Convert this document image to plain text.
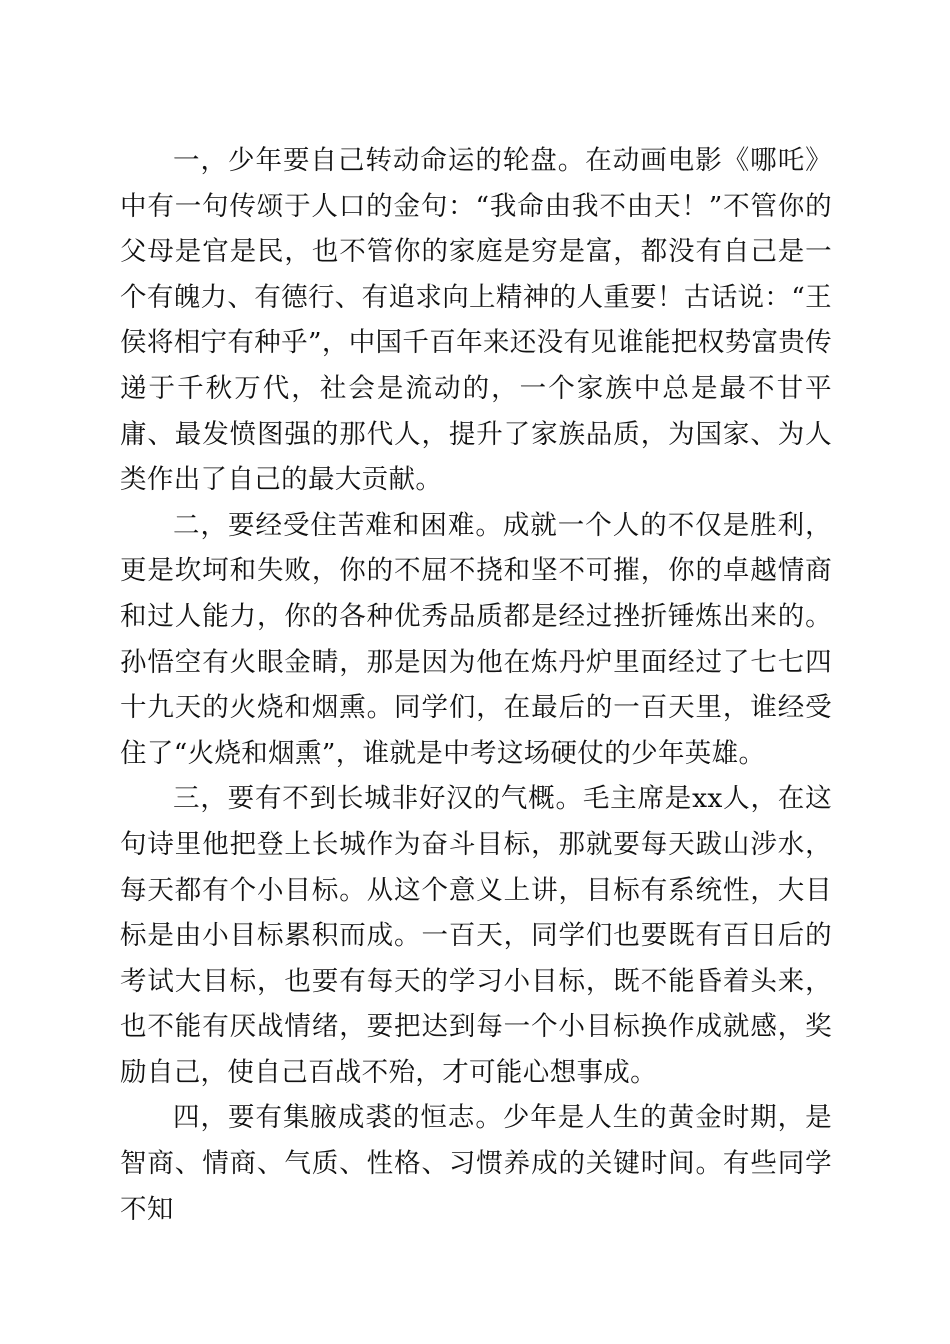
一，少年要自己转动命运的轮盘。在动画电影《哪吒》中有一句传颂于人口的金句：“我命由我不由天！”不管你的父母是官是民，也不管你的家庭是穷是富，都没有自己是一个有魄力、有德行、有追求向上精神的人重要！古话说：“王侯将相宁有种乎”，中国千百年来还没有见谁能把权势富贵传递于千秋万代，社会是流动的，一个家族中总是最不甘平庸、最发愤图强的那代人，提升了家族品质，为国家、为人类作出了自己的最大贡献。

二，要经受住苦难和困难。成就一个人的不仅是胜利，更是坎坷和失败，你的不屈不挠和坚不可摧，你的卓越情商和过人能力，你的各种优秀品质都是经过挫折锤炼出来的。孙悟空有火眼金睛，那是因为他在炼丹炉里面经过了七七四十九天的火烧和烟熏。同学们，在最后的一百天里，谁经受住了“火烧和烟熏”，谁就是中考这场硬仗的少年英雄。

三，要有不到长城非好汉的气概。毛主席是xx人，在这句诗里他把登上长城作为奋斗目标，那就要每天跋山涉水，每天都有个小目标。从这个意义上讲，目标有系统性，大目标是由小目标累积而成。一百天，同学们也要既有百日后的考试大目标，也要有每天的学习小目标，既不能昏着头来，也不能有厌战情绪，要把达到每一个小目标换作成就感，奖励自己，使自己百战不殆，才可能心想事成。

四，要有集腋成裘的恒志。少年是人生的黄金时期，是智商、情商、气质、性格、习惯养成的关键时间。有些同学不知
